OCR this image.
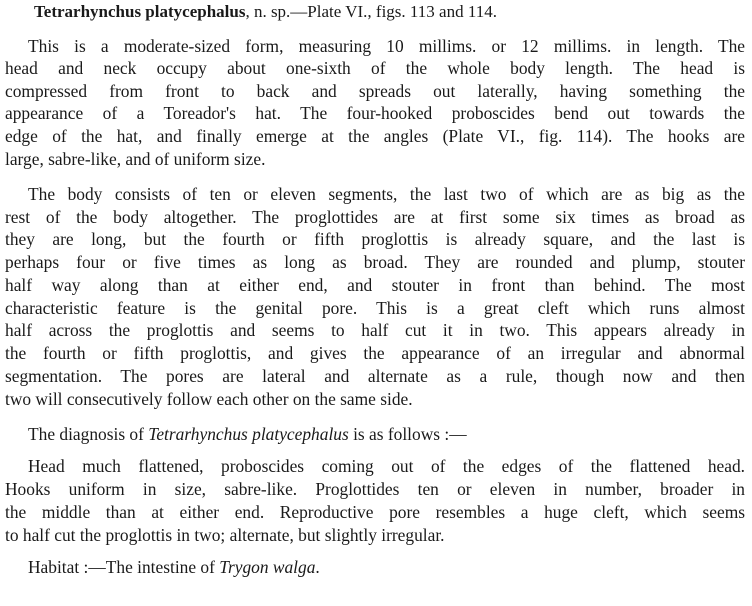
Tetrarhynchus platycephalus, n. sp.—Plate VI., figs. 113 and 114.
This is a moderate-sized form, measuring 10 millims. or 12 millims. in length. The
head and neck occupy about one-sixth of the whole body length. The head is
compressed from front to back and spreads out laterally, having something the
appearance of a Toreador's hat. The four-hooked proboscides bend out towards the
edge of the hat, and finally emerge at the angles (Plate VI., fig. 114). The hooks are
large, sabre-like, and of uniform size.
The body consists of ten or eleven segments, the last two of which are as big as the
rest of the body altogether. The proglottides are at first some six times as broad as
they are long, but the fourth or fifth proglottis is already square, and the last is
perhaps four or five times as long as broad. They are rounded and plump, stouter
half way along than at either end, and stouter in front than behind. The most
characteristic feature is the genital pore. This is a great cleft which runs almost
half across the proglottis and seems to half cut it in two. This appears already in
the fourth or fifth proglottis, and gives the appearance of an irregular and abnormal
segmentation. The pores are lateral and alternate as a rule, though now and then
two will consecutively follow each other on the same side.
The diagnosis of Tetrarhynchus platycephalus is as follows :—
Head much flattened, proboscides coming out of the edges of the flattened head.
Hooks uniform in size, sabre-like. Proglottides ten or eleven in number, broader in
the middle than at either end. Reproductive pore resembles a huge cleft, which seems
to half cut the proglottis in two; alternate, but slightly irregular.
Habitat :—The intestine of Trygon walga.
